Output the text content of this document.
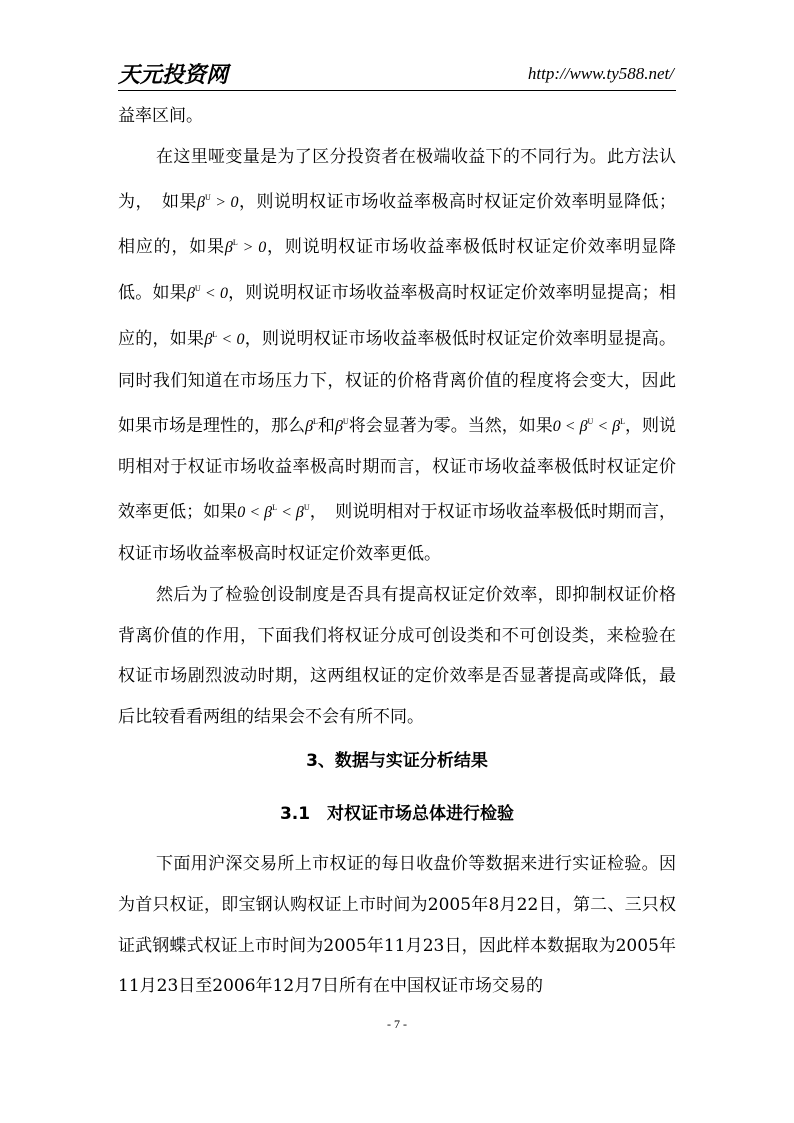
天元投资网	http://www.ty588.net/

益率区间。

在这里哑变量是为了区分投资者在极端收益下的不同行为。此方法认为，　如果$\beta^U > 0$，则说明权证市场收益率极高时权证定价效率明显降低；相应的，如果$\beta^L > 0$，则说明权证市场收益率极低时权证定价效率明显降低。如果$\beta^U < 0$，则说明权证市场收益率极高时权证定价效率明显提高；相应的，如果$\beta^L < 0$，则说明权证市场收益率极低时权证定价效率明显提高。同时我们知道在市场压力下，权证的价格背离价值的程度将会变大，因此如果市场是理性的，那么$\beta^L$和$\beta^U$将会显著为零。当然，如果$0 < \beta^U < \beta^L$，则说明相对于权证市场收益率极高时期而言，权证市场收益率极低时权证定价效率更低；如果$0 < \beta^L < \beta^U$，　则说明相对于权证市场收益率极低时期而言，权证市场收益率极高时权证定价效率更低。

然后为了检验创设制度是否具有提高权证定价效率，即抑制权证价格背离价值的作用，下面我们将权证分成可创设类和不可创设类，来检验在权证市场剧烈波动时期，这两组权证的定价效率是否显著提高或降低，最后比较看看两组的结果会不会有所不同。

3、数据与实证分析结果

3.1　对权证市场总体进行检验

下面用沪深交易所上市权证的每日收盘价等数据来进行实证检验。因为首只权证，即宝钢认购权证上市时间为2005年8月22日，第二、三只权证武钢蝶式权证上市时间为2005年11月23日，因此样本数据取为2005年11月23日至2006年12月7日所有在中国权证市场交易的

- 7 -
